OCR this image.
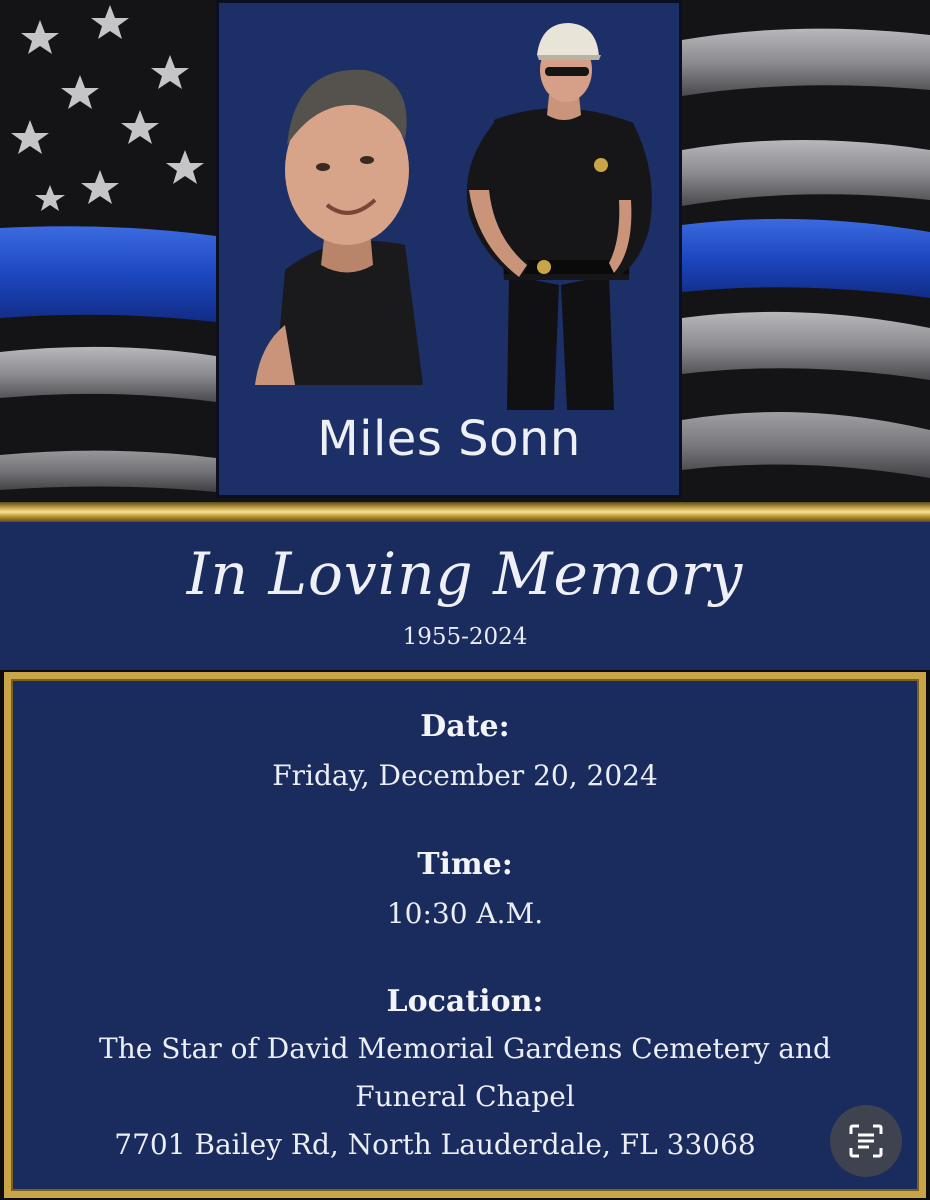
Miles Sonn
In Loving Memory
1955-2024
Date:
Friday, December 20, 2024
Time:
10:30 A.M.
Location:
The Star of David Memorial Gardens Cemetery and
Funeral Chapel
7701 Bailey Rd, North Lauderdale, FL 33068
